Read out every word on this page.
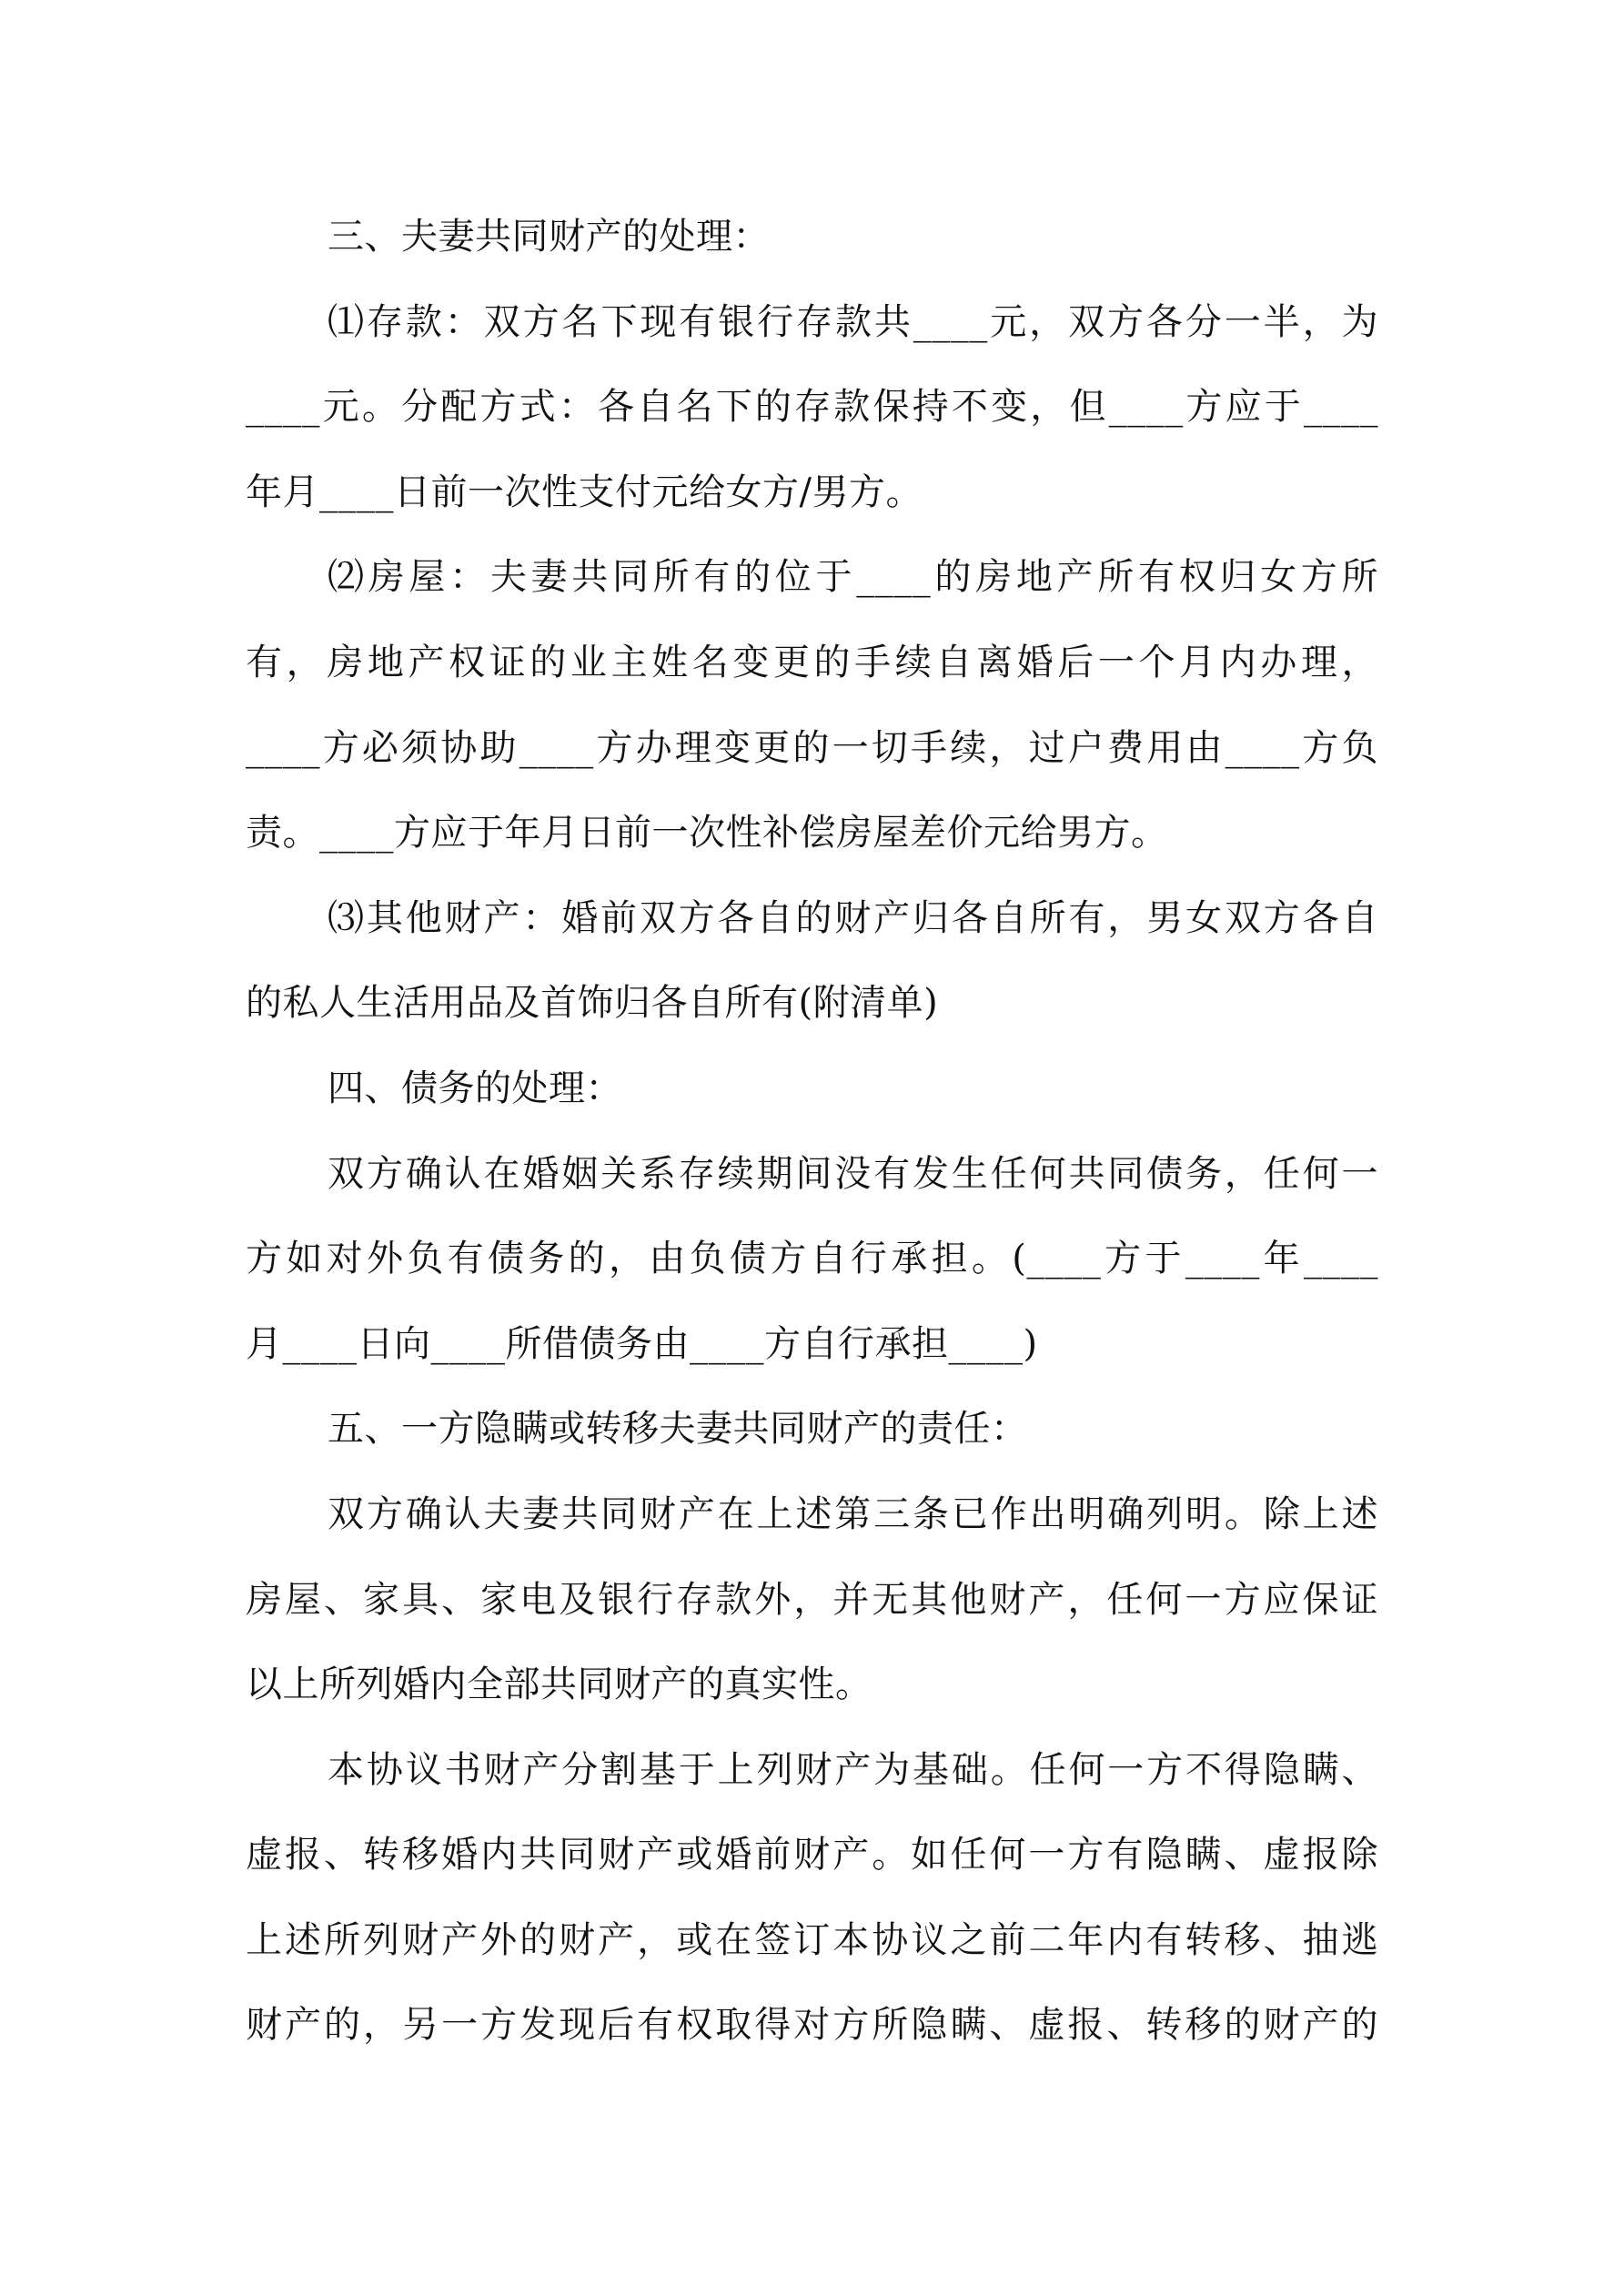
三、夫妻共同财产的处理：
⑴存款：双方名下现有银行存款共____元，双方各分一半，为
____元。分配方式：各自名下的存款保持不变，但____方应于____
年月____日前一次性支付元给女方/男方。
⑵房屋：夫妻共同所有的位于____的房地产所有权归女方所
有，房地产权证的业主姓名变更的手续自离婚后一个月内办理，
____方必须协助____方办理变更的一切手续，过户费用由____方负
责。____方应于年月日前一次性补偿房屋差价元给男方。
⑶其他财产：婚前双方各自的财产归各自所有，男女双方各自
的私人生活用品及首饰归各自所有(附清单)
四、债务的处理：
双方确认在婚姻关系存续期间没有发生任何共同债务，任何一
方如对外负有债务的，由负债方自行承担。(____方于____年____
月____日向____所借债务由____方自行承担____)
五、一方隐瞒或转移夫妻共同财产的责任：
双方确认夫妻共同财产在上述第三条已作出明确列明。除上述
房屋、家具、家电及银行存款外，并无其他财产，任何一方应保证
以上所列婚内全部共同财产的真实性。
本协议书财产分割基于上列财产为基础。任何一方不得隐瞒、
虚报、转移婚内共同财产或婚前财产。如任何一方有隐瞒、虚报除
上述所列财产外的财产，或在签订本协议之前二年内有转移、抽逃
财产的，另一方发现后有权取得对方所隐瞒、虚报、转移的财产的
